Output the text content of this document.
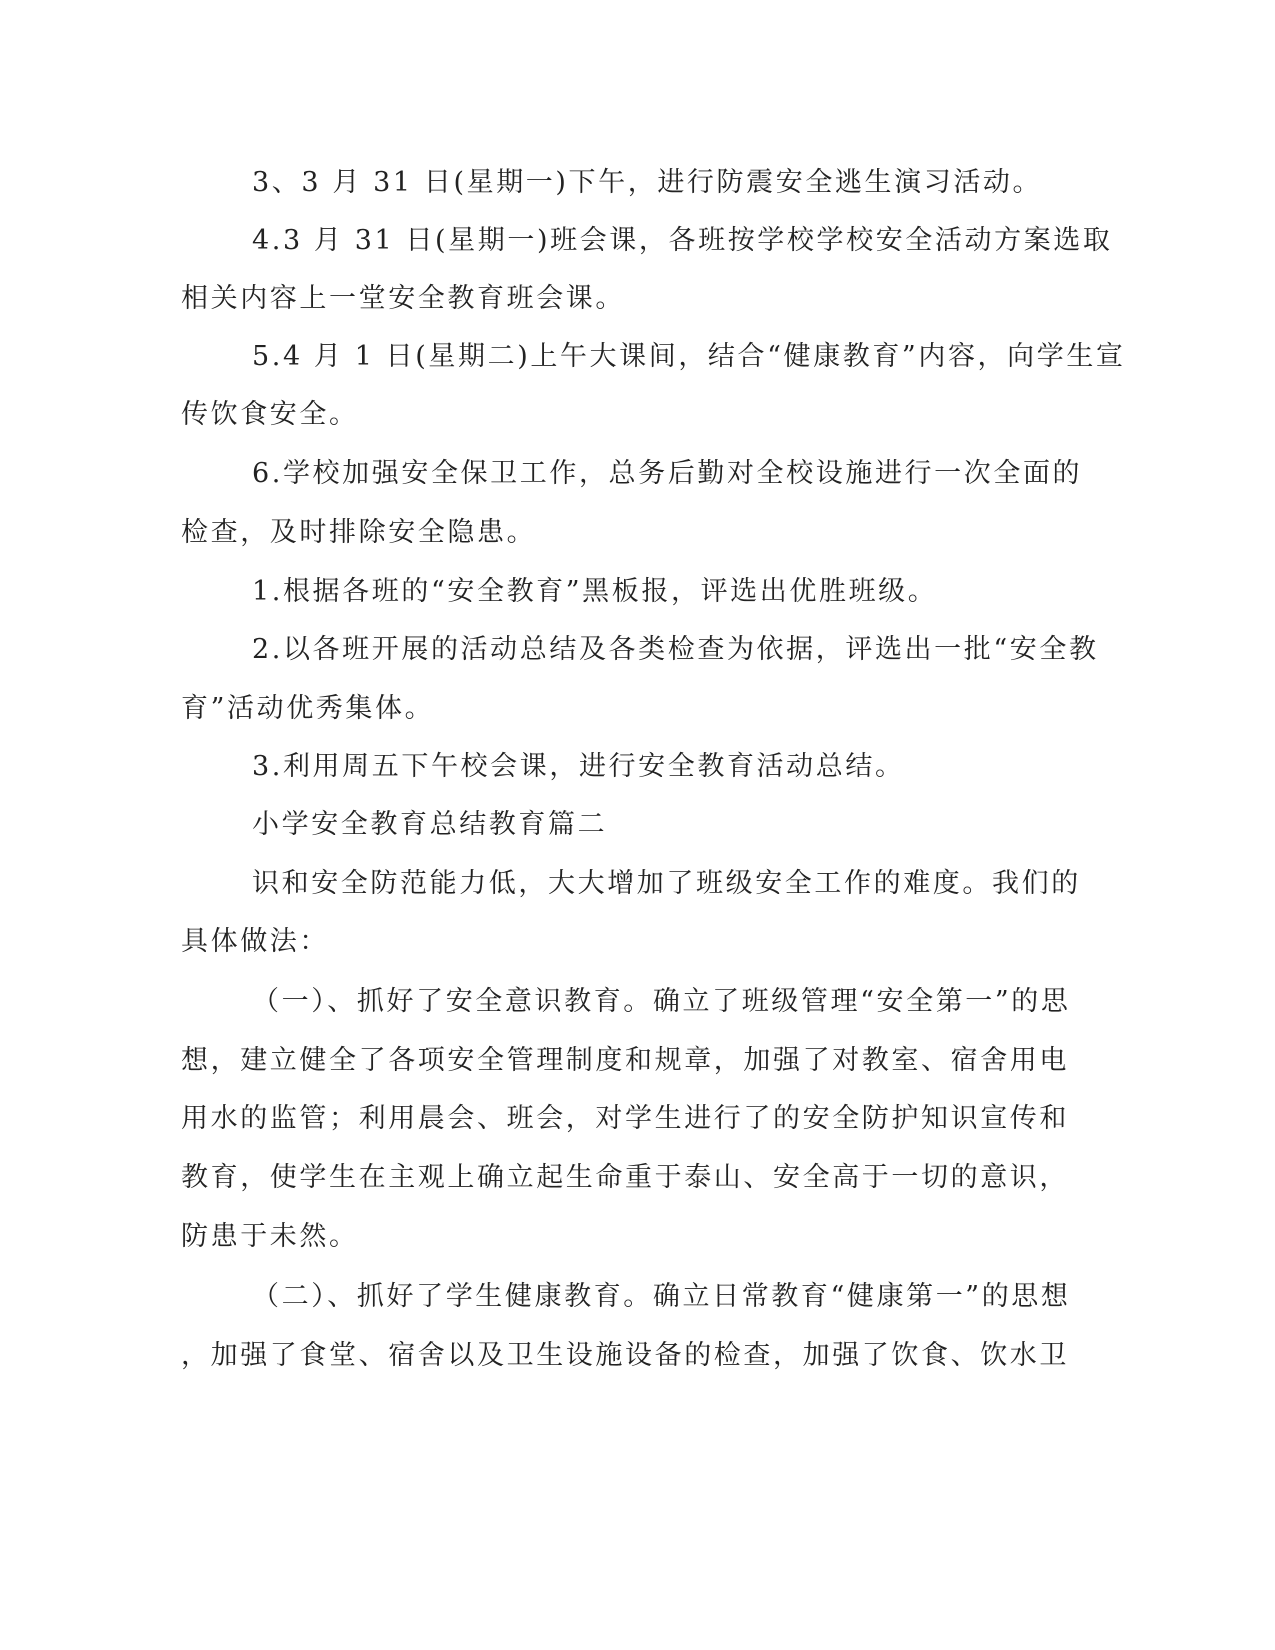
3、3 月 31 日(星期一)下午，进行防震安全逃生演习活动。
4.3 月 31 日(星期一)班会课，各班按学校学校安全活动方案选取
相关内容上一堂安全教育班会课。
5.4 月 1 日(星期二)上午大课间，结合“健康教育”内容，向学生宣
传饮食安全。
6.学校加强安全保卫工作，总务后勤对全校设施进行一次全面的
检查，及时排除安全隐患。
1.根据各班的“安全教育”黑板报，评选出优胜班级。
2.以各班开展的活动总结及各类检查为依据，评选出一批“安全教
育”活动优秀集体。
3.利用周五下午校会课，进行安全教育活动总结。
小学安全教育总结教育篇二
识和安全防范能力低，大大增加了班级安全工作的难度。我们的
具体做法：
（一）、抓好了安全意识教育。确立了班级管理“安全第一”的思
想，建立健全了各项安全管理制度和规章，加强了对教室、宿舍用电
用水的监管；利用晨会、班会，对学生进行了的安全防护知识宣传和
教育，使学生在主观上确立起生命重于泰山、安全高于一切的意识，
防患于未然。
（二）、抓好了学生健康教育。确立日常教育“健康第一”的思想
，加强了食堂、宿舍以及卫生设施设备的检查，加强了饮食、饮水卫
